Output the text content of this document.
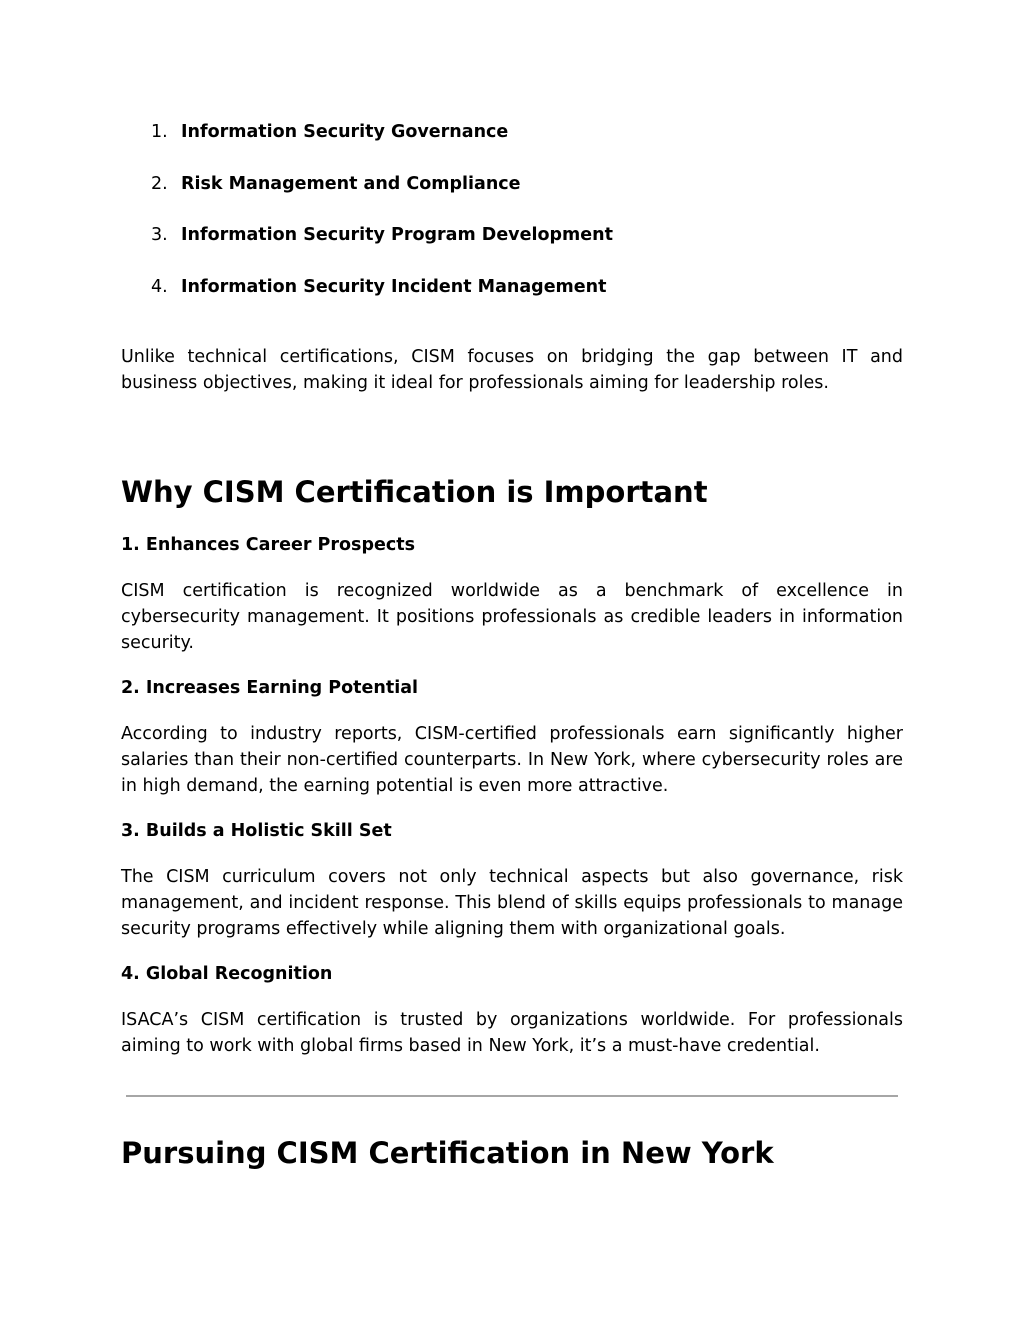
1. Information Security Governance
2. Risk Management and Compliance
3. Information Security Program Development
4. Information Security Incident Management

Unlike technical certifications, CISM focuses on bridging the gap between IT and business objectives, making it ideal for professionals aiming for leadership roles.

Why CISM Certification is Important
1. Enhances Career Prospects

CISM certification is recognized worldwide as a benchmark of excellence in cybersecurity management. It positions professionals as credible leaders in information security.

2. Increases Earning Potential

According to industry reports, CISM-certified professionals earn significantly higher salaries than their non-certified counterparts. In New York, where cybersecurity roles are in high demand, the earning potential is even more attractive.

3. Builds a Holistic Skill Set

The CISM curriculum covers not only technical aspects but also governance, risk management, and incident response. This blend of skills equips professionals to manage security programs effectively while aligning them with organizational goals.

4. Global Recognition

ISACA’s CISM certification is trusted by organizations worldwide. For professionals aiming to work with global firms based in New York, it’s a must-have credential.

Pursuing CISM Certification in New York
